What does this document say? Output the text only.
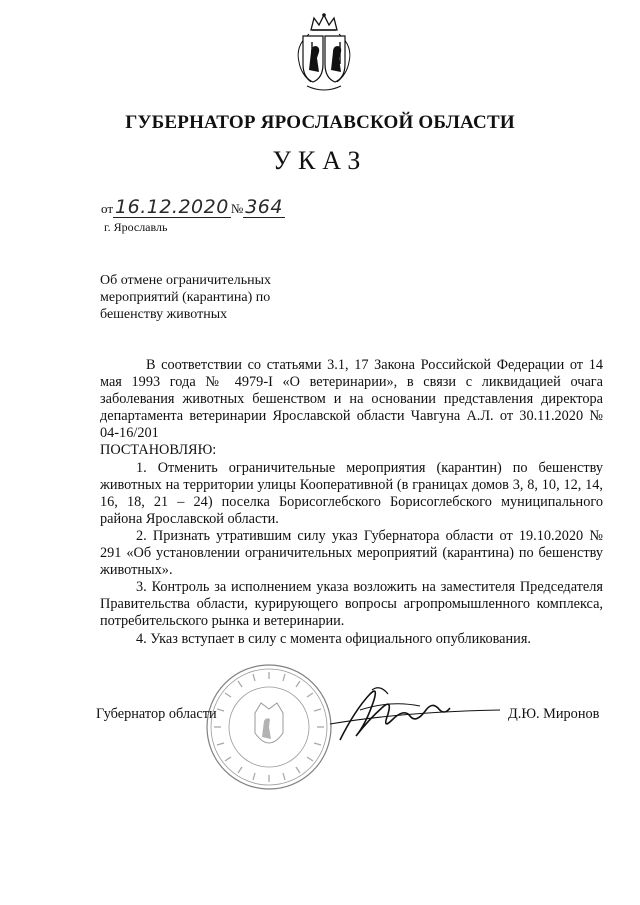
ГУБЕРНАТОР ЯРОСЛАВСКОЙ ОБЛАСТИ
УКАЗ
от 16.12.2020 № 364
г. Ярославль
Об отмене ограничительных
мероприятий (карантина) по
бешенству животных

В соответствии со статьями 3.1, 17 Закона Российской Федерации от 14 мая 1993 года № 4979-I «О ветеринарии», в связи с ликвидацией очага заболевания животных бешенством и на основании представления директора департамента ветеринарии Ярославской области Чавгуна А.Л. от 30.11.2020 № 04-16/201

ПОСТАНОВЛЯЮ:

1. Отменить ограничительные мероприятия (карантин) по бешенству животных на территории улицы Кооперативной (в границах домов 3, 8, 10, 12, 14, 16, 18, 21 – 24) поселка Борисоглебского Борисоглебского муниципального района Ярославской области.

2. Признать утратившим силу указ Губернатора области от 19.10.2020 № 291 «Об установлении ограничительных мероприятий (карантина) по бешенству животных».

3. Контроль за исполнением указа возложить на заместителя Председателя Правительства области, курирующего вопросы агропромышленного комплекса, потребительского рынка и ветеринарии.

4. Указ вступает в силу с момента официального опубликования.

Губернатор области	Д.Ю. Миронов
